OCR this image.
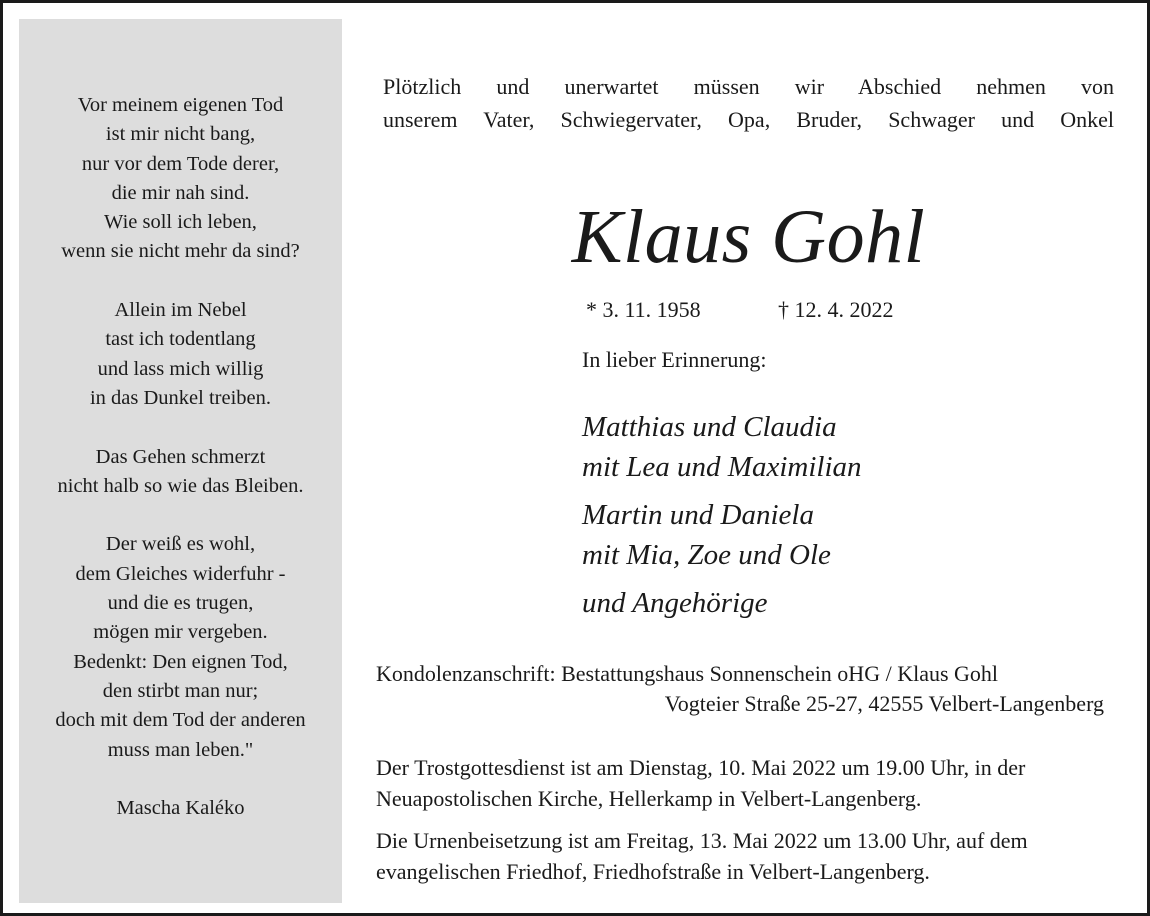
Vor meinem eigenen Tod
ist mir nicht bang,
nur vor dem Tode derer,
die mir nah sind.
Wie soll ich leben,
wenn sie nicht mehr da sind?
Allein im Nebel
tast ich todentlang
und lass mich willig
in das Dunkel treiben.
Das Gehen schmerzt
nicht halb so wie das Bleiben.
Der weiß es wohl,
dem Gleiches widerfuhr -
und die es trugen,
mögen mir vergeben.
Bedenkt: Den eignen Tod,
den stirbt man nur;
doch mit dem Tod der anderen
muss man leben."
Mascha Kaléko
Plötzlich und unerwartet müssen wir Abschied nehmen von
unserem Vater, Schwiegervater, Opa, Bruder, Schwager und Onkel
Klaus Gohl
* 3. 11. 1958	† 12. 4. 2022
In lieber Erinnerung:
Matthias und Claudia
mit Lea und Maximilian
Martin und Daniela
mit Mia, Zoe und Ole
und Angehörige
Kondolenzanschrift: Bestattungshaus Sonnenschein oHG / Klaus Gohl
Vogteier Straße 25-27, 42555 Velbert-Langenberg

Der Trostgottesdienst ist am Dienstag, 10. Mai 2022 um 19.00 Uhr, in der Neuapostolischen Kirche, Hellerkamp in Velbert-Langenberg.

Die Urnenbeisetzung ist am Freitag, 13. Mai 2022 um 13.00 Uhr, auf dem evangelischen Friedhof, Friedhofstraße in Velbert-Langenberg.
